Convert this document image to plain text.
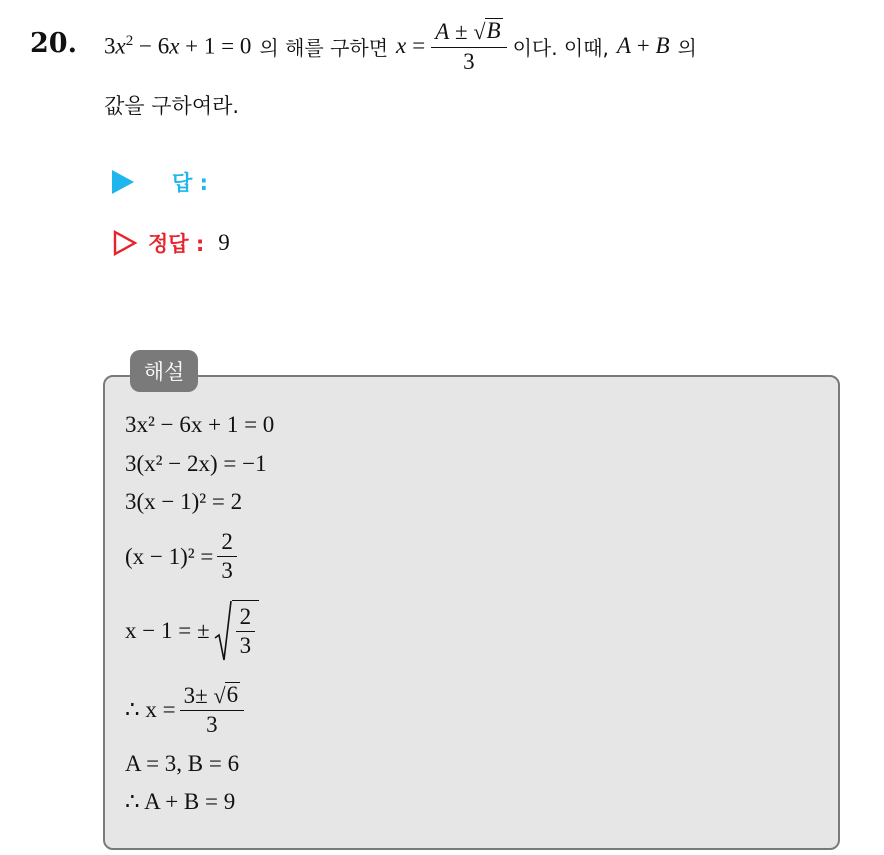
20. $3x^2 - 6x + 1 = 0$ 의 해를 구하면 $x = \frac{A \pm √ B}{3}$ 이다. 이때, A + B 의
값을 구하여라.
답 :
정답 : 9
해설
3x² − 6x + 1 = 0
3(x² − 2x) = −1
3(x − 1)² = 2
$(x - 1)^2 = \frac{2}{3}$
x − 1 = ± $\frac{2}{3}$
∴ $x = \frac{3\pm √ 6}{3}$
A = 3, B = 6
∴ A + B = 9
